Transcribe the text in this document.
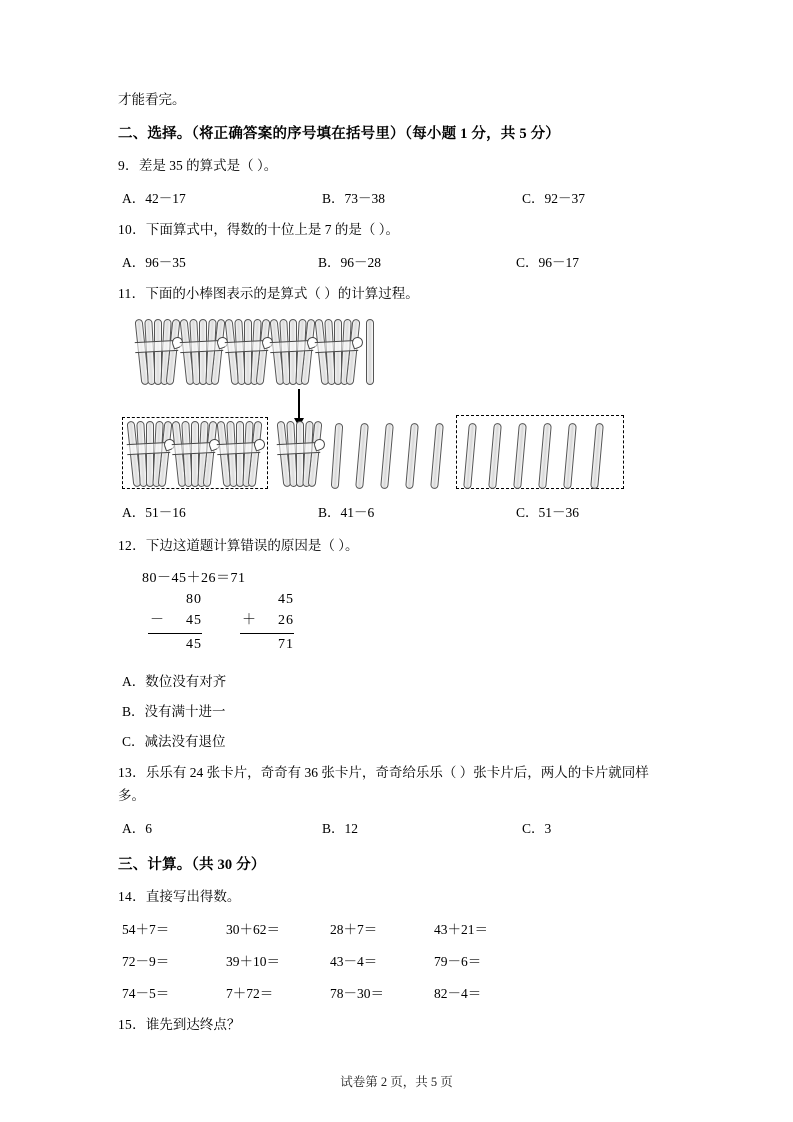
才能看完。
二、选择。（将正确答案的序号填在括号里）（每小题 1 分，共 5 分）
9．差是 35 的算式是（ ）。
A．42－17	B．73－38	C．92－37
10．下面算式中，得数的十位上是 7 的是（ ）。
A．96－35	B．96－28	C．96－17
11．下面的小棒图表示的是算式（ ）的计算过程。
A．51－16	B．41－6	C．51－36
12．下边这道题计算错误的原因是（ ）。
80－45＋26＝71
80
－ 45
45
45
＋ 26
71
A．数位没有对齐
B．没有满十进一
C．减法没有退位
13．乐乐有 24 张卡片，奇奇有 36 张卡片，奇奇给乐乐（ ）张卡片后，两人的卡片就同样多。
A．6	B．12	C．3
三、计算。（共 30 分）
14．直接写出得数。
54＋7＝	30＋62＝	28＋7＝	43＋21＝
72－9＝	39＋10＝	43－4＝	79－6＝
74－5＝	7＋72＝	78－30＝	82－4＝
15．谁先到达终点？
试卷第 2 页，共 5 页
